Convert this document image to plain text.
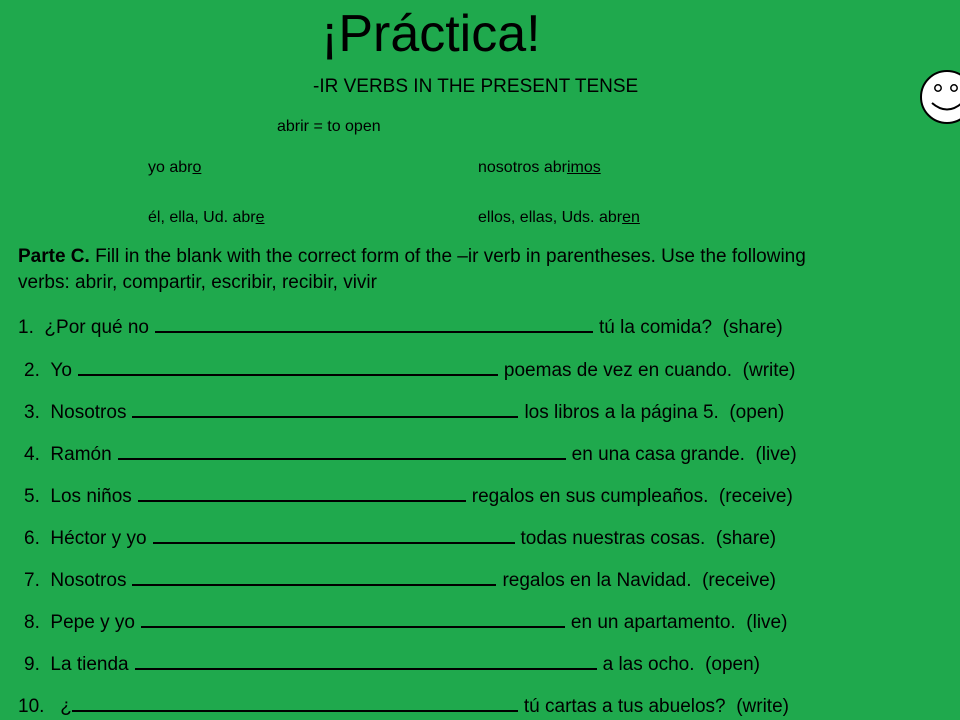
¡Práctica!
-IR VERBS IN THE PRESENT TENSE
abrir = to open
yo abro	nosotros abrimos
él, ella, Ud. abre	ellos, ellas, Uds. abren
Parte C. Fill in the blank with the correct form of the –ir verb in parentheses. Use the following
verbs: abrir, compartir, escribir, recibir, vivir
1.
¿Por qué no	tú la comida?
(share)
2.
Yo	poemas de vez en cuando.
(write)
3.
Nosotros	los libros a la página 5.
(open)
4.
Ramón	en una casa grande.
(live)
5.
Los niños	regalos en sus cumpleaños.
(receive)
6.
Héctor y yo	todas nuestras cosas.
(share)
7.
Nosotros	regalos en la Navidad.
(receive)
8.
Pepe y yo	en un apartamento.
(live)
9.
La tienda	a las ocho.
(open)
10.
¿	tú cartas a tus abuelos?
(write)
